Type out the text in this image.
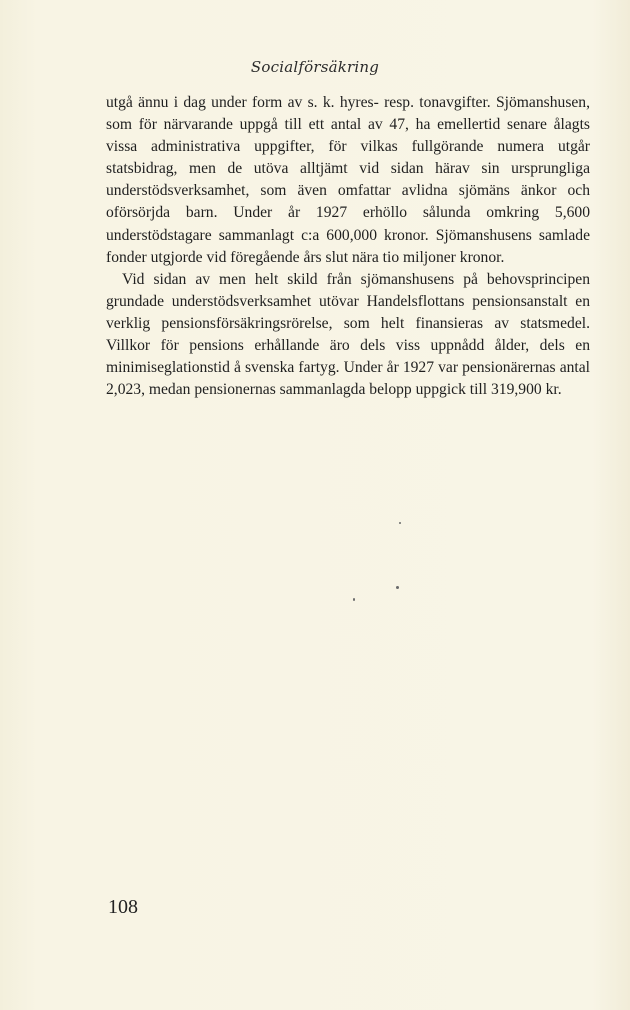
Socialförsäkring

utgå ännu i dag under form av s. k. hyres- resp. tonavgifter. Sjömanshusen, som för närvarande uppgå till ett antal av 47, ha emellertid senare ålagts vissa administrativa uppgifter, för vilkas fullgörande numera utgår statsbidrag, men de utöva alltjämt vid sidan härav sin ursprungliga understödsverksamhet, som även omfattar avlidna sjömäns änkor och oförsörjda barn. Under år 1927 erhöllo sålunda omkring 5,600 understödstagare sammanlagt c:a 600,000 kronor. Sjömanshusens samlade fonder utgjorde vid föregående års slut nära tio miljoner kronor.

Vid sidan av men helt skild från sjömanshusens på behovsprincipen grundade understödsverksamhet utövar Handelsflottans pensionsanstalt en verklig pensionsförsäkringsrörelse, som helt finansieras av statsmedel. Villkor för pensions erhållande äro dels viss uppnådd ålder, dels en minimiseglationstid å svenska fartyg. Under år 1927 var pensionärernas antal 2,023, medan pensionernas sammanlagda belopp uppgick till 319,900 kr.

108
